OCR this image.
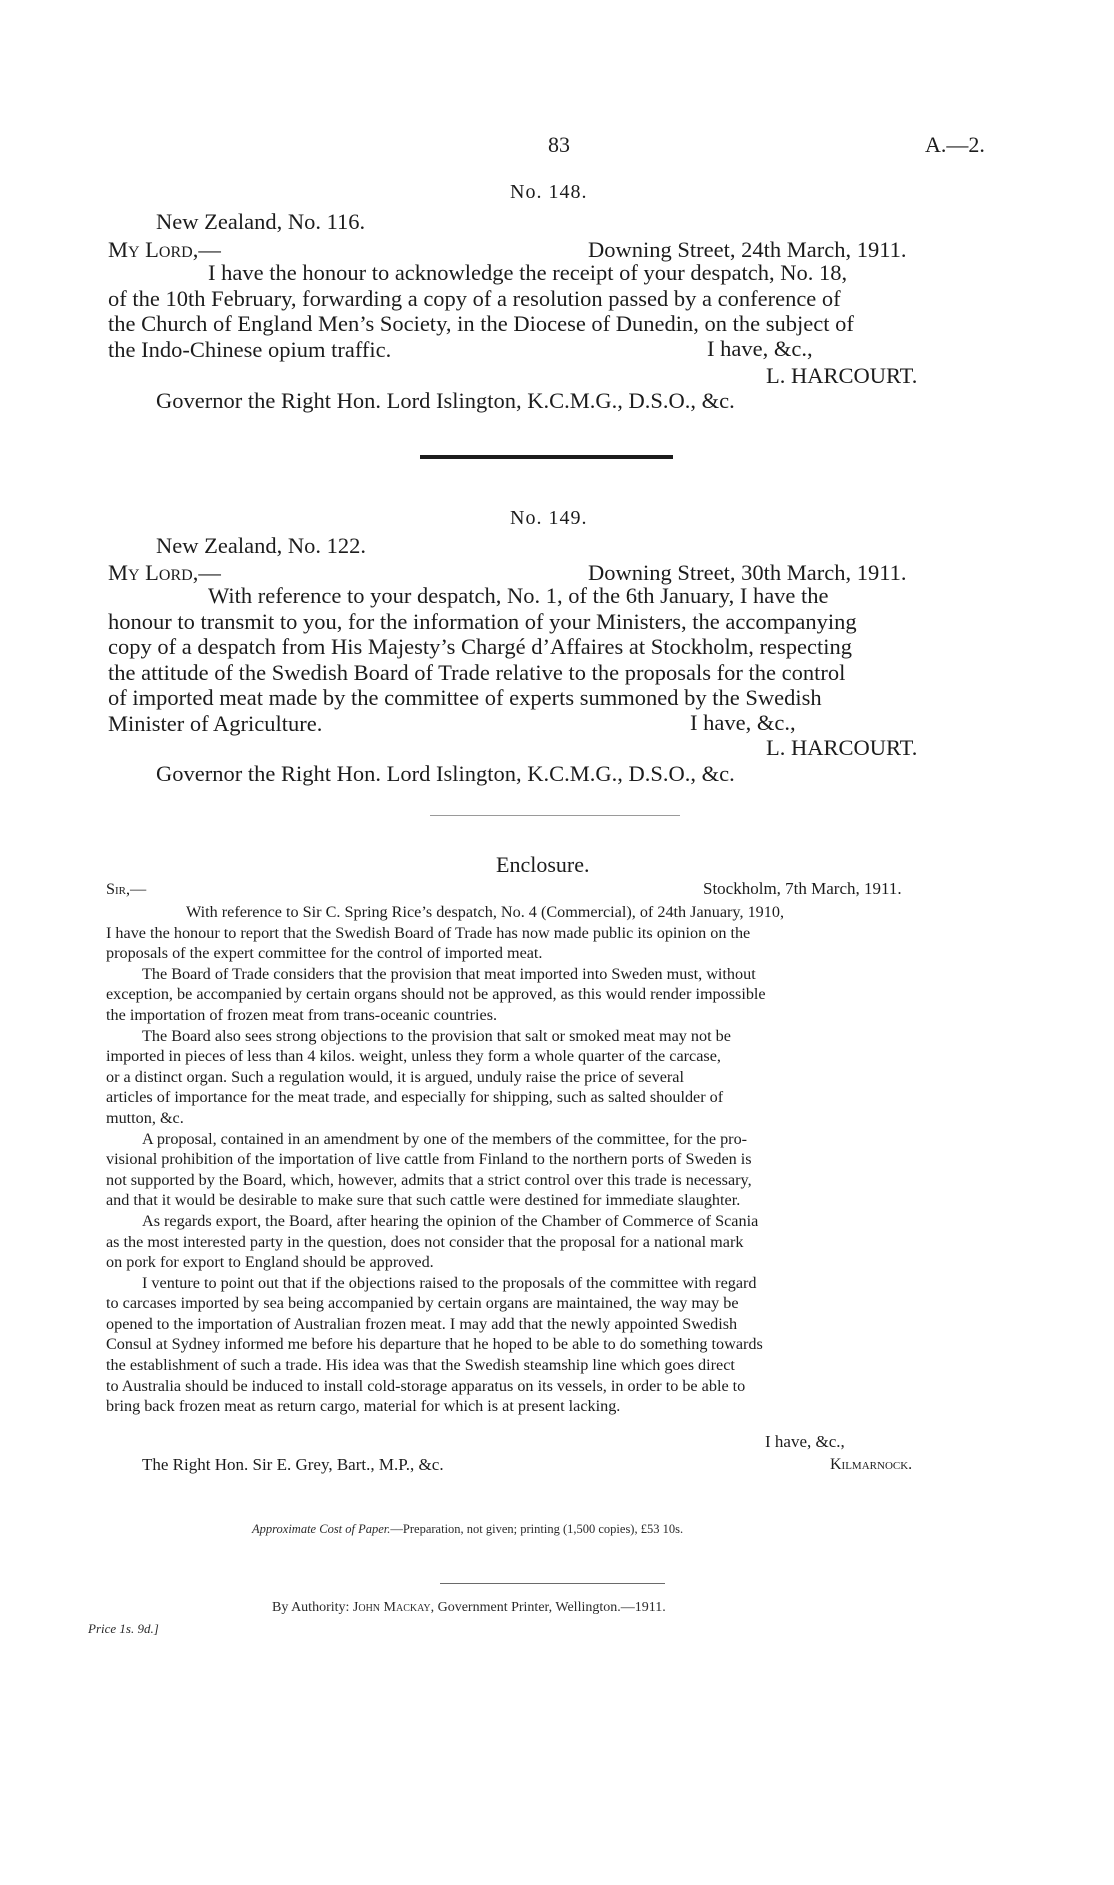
83	A.—2.
No. 148.
New Zealand, No. 116.
My Lord,—	Downing Street, 24th March, 1911.
I have the honour to acknowledge the receipt of your despatch, No. 18,
of the 10th February, forwarding a copy of a resolution passed by a conference of
the Church of England Men’s Society, in the Diocese of Dunedin, on the subject of
the Indo-Chinese opium traffic.	I have, &c.,
L. HARCOURT.
Governor the Right Hon. Lord Islington, K.C.M.G., D.S.O., &c.
No. 149.
New Zealand, No. 122.
My Lord,—	Downing Street, 30th March, 1911.
With reference to your despatch, No. 1, of the 6th January, I have the
honour to transmit to you, for the information of your Ministers, the accompanying
copy of a despatch from His Majesty’s Chargé d’Affaires at Stockholm, respecting
the attitude of the Swedish Board of Trade relative to the proposals for the control
of imported meat made by the committee of experts summoned by the Swedish
Minister of Agriculture.	I have, &c.,
L. HARCOURT.
Governor the Right Hon. Lord Islington, K.C.M.G., D.S.O., &c.
Enclosure.
Sir,—	Stockholm, 7th March, 1911.
With reference to Sir C. Spring Rice’s despatch, No. 4 (Commercial), of 24th January, 1910,
I have the honour to report that the Swedish Board of Trade has now made public its opinion on the
proposals of the expert committee for the control of imported meat.
The Board of Trade considers that the provision that meat imported into Sweden must, without
exception, be accompanied by certain organs should not be approved, as this would render impossible
the importation of frozen meat from trans-oceanic countries.
The Board also sees strong objections to the provision that salt or smoked meat may not be
imported in pieces of less than 4 kilos. weight, unless they form a whole quarter of the carcase,
or a distinct organ. Such a regulation would, it is argued, unduly raise the price of several
articles of importance for the meat trade, and especially for shipping, such as salted shoulder of
mutton, &c.
A proposal, contained in an amendment by one of the members of the committee, for the pro-
visional prohibition of the importation of live cattle from Finland to the northern ports of Sweden is
not supported by the Board, which, however, admits that a strict control over this trade is necessary,
and that it would be desirable to make sure that such cattle were destined for immediate slaughter.
As regards export, the Board, after hearing the opinion of the Chamber of Commerce of Scania
as the most interested party in the question, does not consider that the proposal for a national mark
on pork for export to England should be approved.
I venture to point out that if the objections raised to the proposals of the committee with regard
to carcases imported by sea being accompanied by certain organs are maintained, the way may be
opened to the importation of Australian frozen meat. I may add that the newly appointed Swedish
Consul at Sydney informed me before his departure that he hoped to be able to do something towards
the establishment of such a trade. His idea was that the Swedish steamship line which goes direct
to Australia should be induced to install cold-storage apparatus on its vessels, in order to be able to
bring back frozen meat as return cargo, material for which is at present lacking.
I have, &c.,
The Right Hon. Sir E. Grey, Bart., M.P., &c.	Kilmarnock.
Approximate Cost of Paper.—Preparation, not given; printing (1,500 copies), £53 10s.
By Authority: John Mackay, Government Printer, Wellington.—1911.
Price 1s. 9d.]
